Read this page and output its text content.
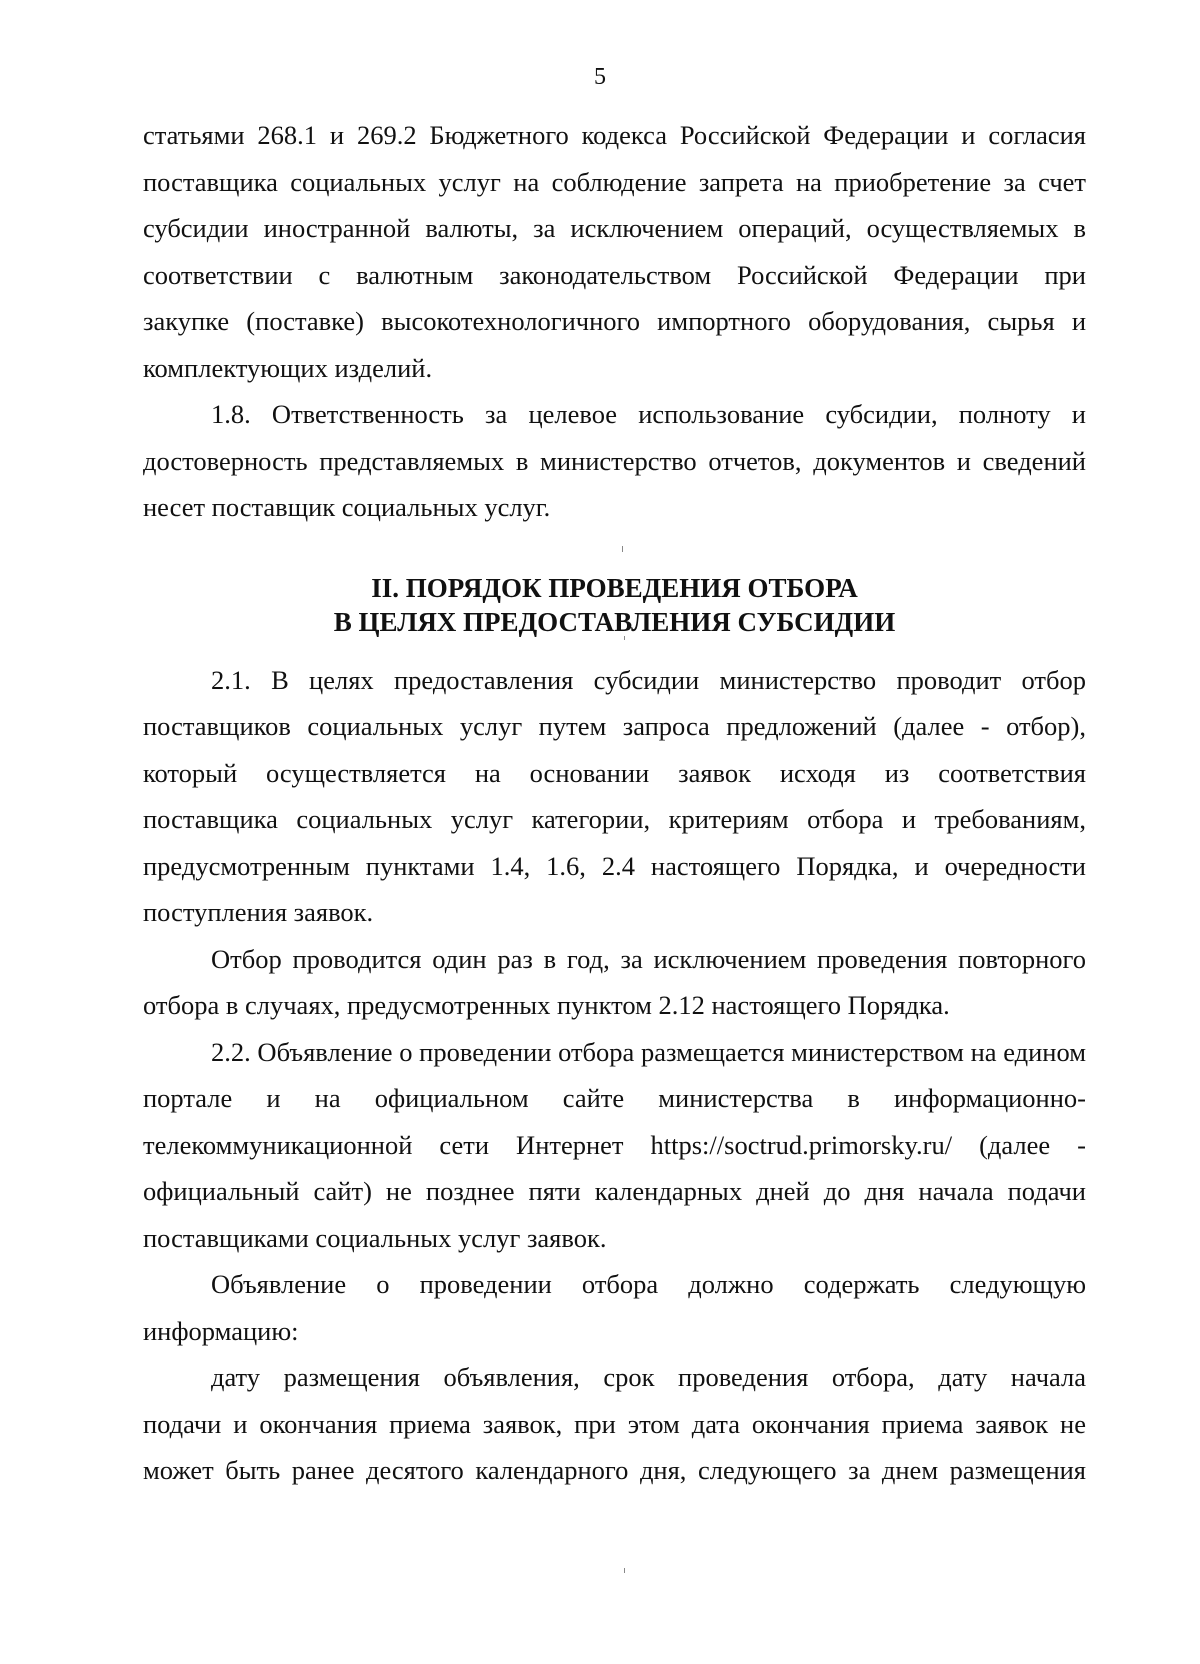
5
статьями 268.1 и 269.2 Бюджетного кодекса Российской Федерации и согласия
поставщика социальных услуг на соблюдение запрета на приобретение за счет
субсидии иностранной валюты, за исключением операций, осуществляемых в
соответствии с валютным законодательством Российской Федерации при
закупке (поставке) высокотехнологичного импортного оборудования, сырья и
комплектующих изделий.
1.8. Ответственность за целевое использование субсидии, полноту и
достоверность представляемых в министерство отчетов, документов и сведений
несет поставщик социальных услуг.
II. ПОРЯДОК ПРОВЕДЕНИЯ ОТБОРА
В ЦЕЛЯХ ПРЕДОСТАВЛЕНИЯ СУБСИДИИ
2.1. В целях предоставления субсидии министерство проводит отбор
поставщиков социальных услуг путем запроса предложений (далее - отбор),
который осуществляется на основании заявок исходя из соответствия
поставщика социальных услуг категории, критериям отбора и требованиям,
предусмотренным пунктами 1.4, 1.6, 2.4 настоящего Порядка, и очередности
поступления заявок.
Отбор проводится один раз в год, за исключением проведения повторного
отбора в случаях, предусмотренных пунктом 2.12 настоящего Порядка.
2.2. Объявление о проведении отбора размещается министерством на едином
портале и на официальном сайте министерства в информационно-
телекоммуникационной сети Интернет https://soctrud.primorsky.ru/ (далее -
официальный сайт) не позднее пяти календарных дней до дня начала подачи
поставщиками социальных услуг заявок.
Объявление о проведении отбора должно содержать следующую
информацию:
дату размещения объявления, срок проведения отбора, дату начала
подачи и окончания приема заявок, при этом дата окончания приема заявок не
может быть ранее десятого календарного дня, следующего за днем размещения
